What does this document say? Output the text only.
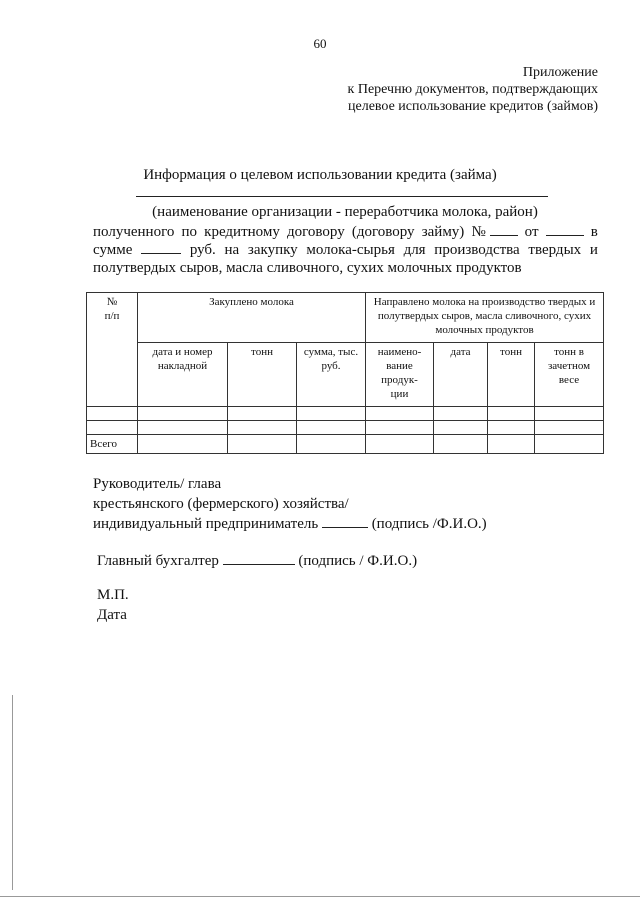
60
Приложение
к Перечню документов, подтверждающих
целевое использование кредитов (займов)
Информация о целевом использовании кредита (займа)
(наименование организации - переработчика молока, район)
полученного по кредитному договору (договору займу) №	от	в
сумме	руб. на закупку молока-сырья для производства твердых и
полутвердых сыров, масла сливочного, сухих молочных продуктов
№
п/п	Закуплено молока			Направлено молока на производство твердых и полутвердых сыров, масла сливочного, сухих молочных продуктов			
	дата и номер накладной	тонн	сумма, тыс. руб.	наимено-
вание
продук-
ции	дата	тонн	тонн в зачетном весе

Всего							
Руководитель/ глава
крестьянского (фермерского) хозяйства/
индивидуальный предприниматель	(подпись /Ф.И.О.)
Главный бухгалтер	(подпись / Ф.И.О.)
М.П.
Дата
